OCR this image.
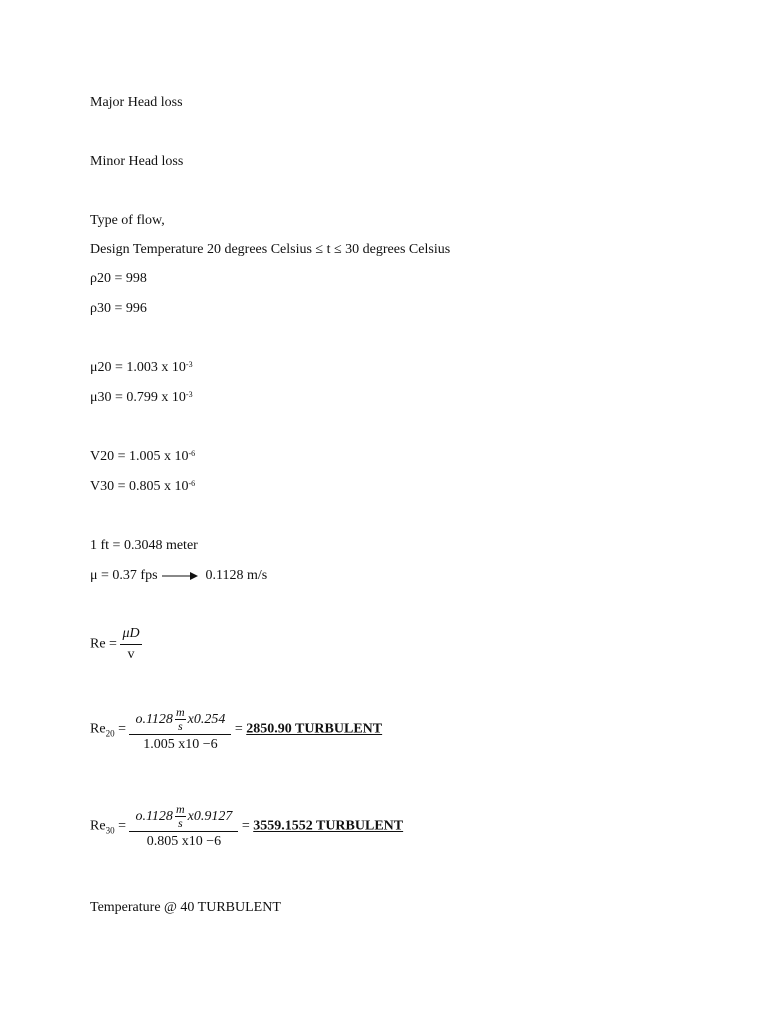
Major Head loss
Minor Head loss
Type of flow,
Design Temperature 20 degrees Celsius ≤ t ≤ 30 degrees Celsius
ρ20 = 998
ρ30 = 996
μ20 = 1.003 x $10^{-3}$
μ30 = 0.799 x $10^{-3}$
V20 = 1.005 x $10^{-6}$
V30 = 0.805 x $10^{-6}$
1 ft = 0.3048 meter
μ = 0.37 fps	0.1128 m/s
$Re = \frac{\mu D}{v}$
$Re_{20} = \frac{o.1128 \frac{m}{s} x0.254}{1.005 x10 -6} = 2850.90$ TURBULENT
$Re_{30} = \frac{o.1128 \frac{m}{s} x0.9127}{0.805 x10 -6} = 3559.1552$ TURBULENT
Temperature @ 40 TURBULENT
